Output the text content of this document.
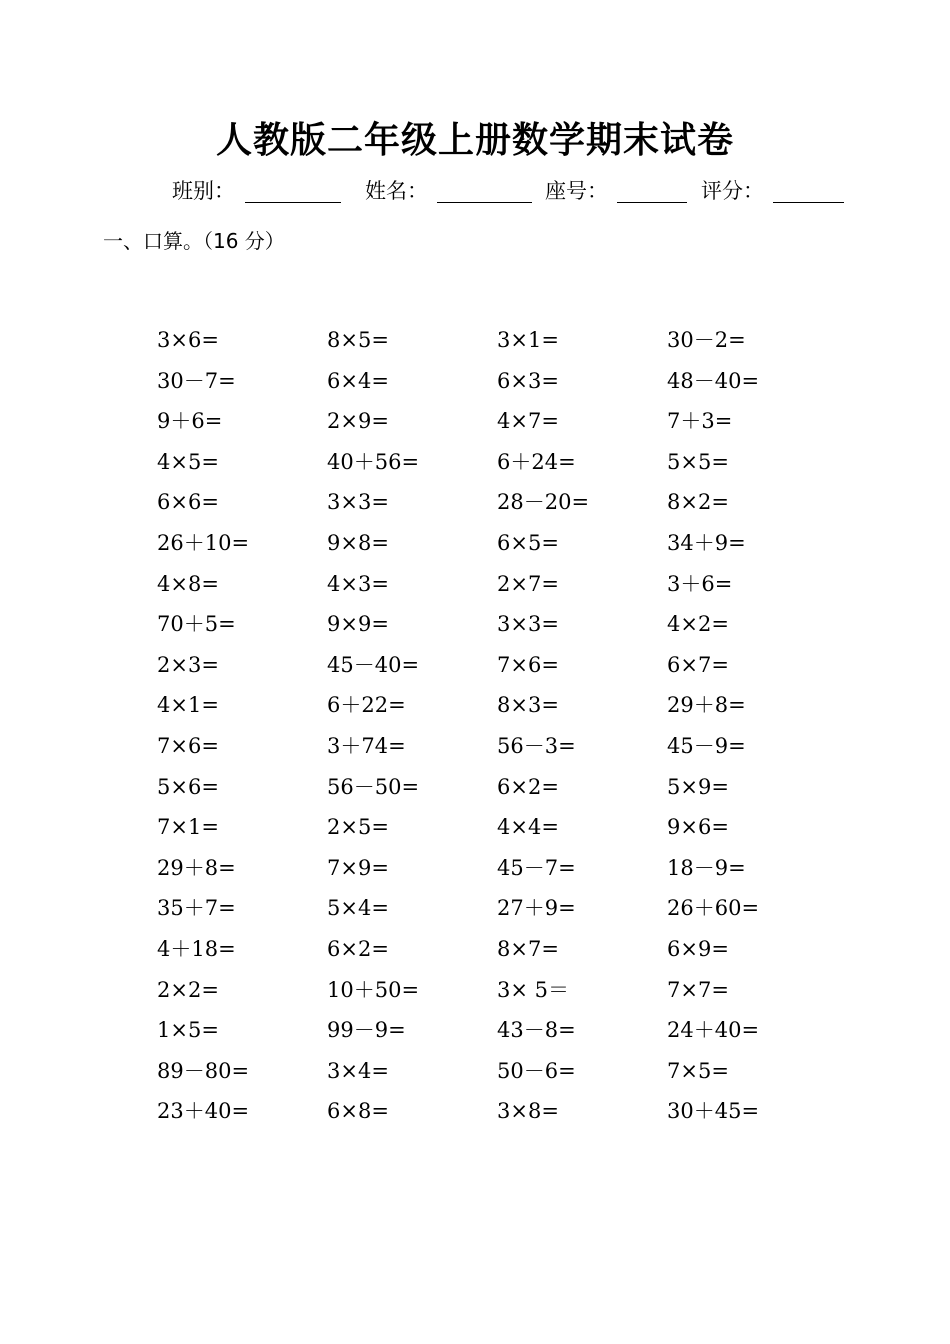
人教版二年级上册数学期末试卷
班别：	姓名：	座号：	评分：
一、口算。（16 分）
3×6=	8×5=	3×1=	30－2=
30－7=	6×4=	6×3=	48－40=
9＋6=	2×9=	4×7=	7＋3=
4×5=	40＋56=	6＋24=	5×5=
6×6=	3×3=	28－20=	8×2=
26＋10=	9×8=	6×5=	34＋9=
4×8=	4×3=	2×7=	3＋6=
70＋5=	9×9=	3×3=	4×2=
2×3=	45－40=	7×6=	6×7=
4×1=	6＋22=	8×3=	29＋8=
7×6=	3＋74=	56－3=	45－9=
5×6=	56－50=	6×2=	5×9=
7×1=	2×5=	4×4=	9×6=
29＋8=	7×9=	45－7=	18－9=
35＋7=	5×4=	27＋9=	26＋60=
4＋18=	6×2=	8×7=	6×9=
2×2=	10＋50=	3× 5＝	7×7=
1×5=	99－9=	43－8=	24＋40=
89－80=	3×4=	50－6=	7×5=
23＋40=	6×8=	3×8=	30＋45=
